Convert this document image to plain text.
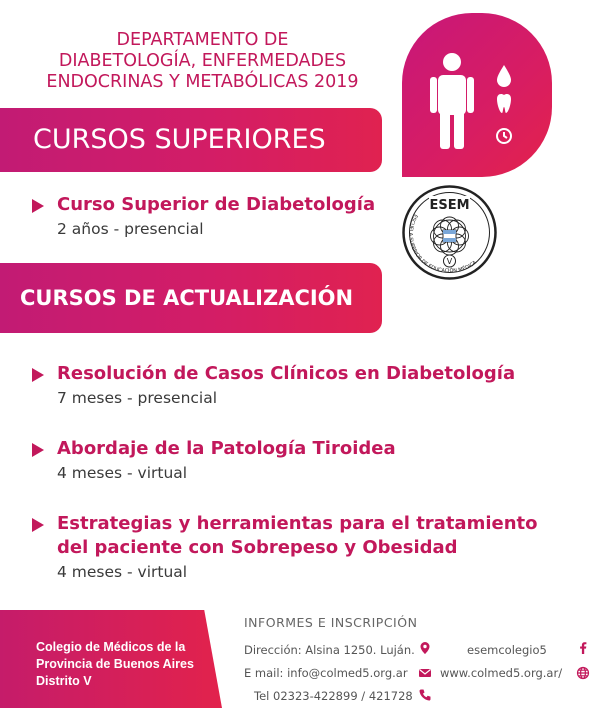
DEPARTAMENTO DE
DIABETOLOGÍA, ENFERMEDADES
ENDOCRINAS Y METABÓLICAS 2019
CURSOS SUPERIORES
Curso Superior de Diabetología
2 años - presencial
ESEM
V
ESCUELA SUPERIOR DE EDUCACIÓN MÉDICA
CURSOS DE ACTUALIZACIÓN
Resolución de Casos Clínicos en Diabetología
7 meses - presencial
Abordaje de la Patología Tiroidea
4 meses - virtual
Estrategias y herramientas para el tratamiento
del paciente con Sobrepeso y Obesidad
4 meses - virtual
Colegio de Médicos de la
Provincia de Buenos Aires
Distrito V
INFORMES E INSCRIPCIÓN
Dirección: Alsina 1250. Luján.
E mail: info@colmed5.org.ar
Tel 02323-422899 / 421728
esemcolegio5
www.colmed5.org.ar/
